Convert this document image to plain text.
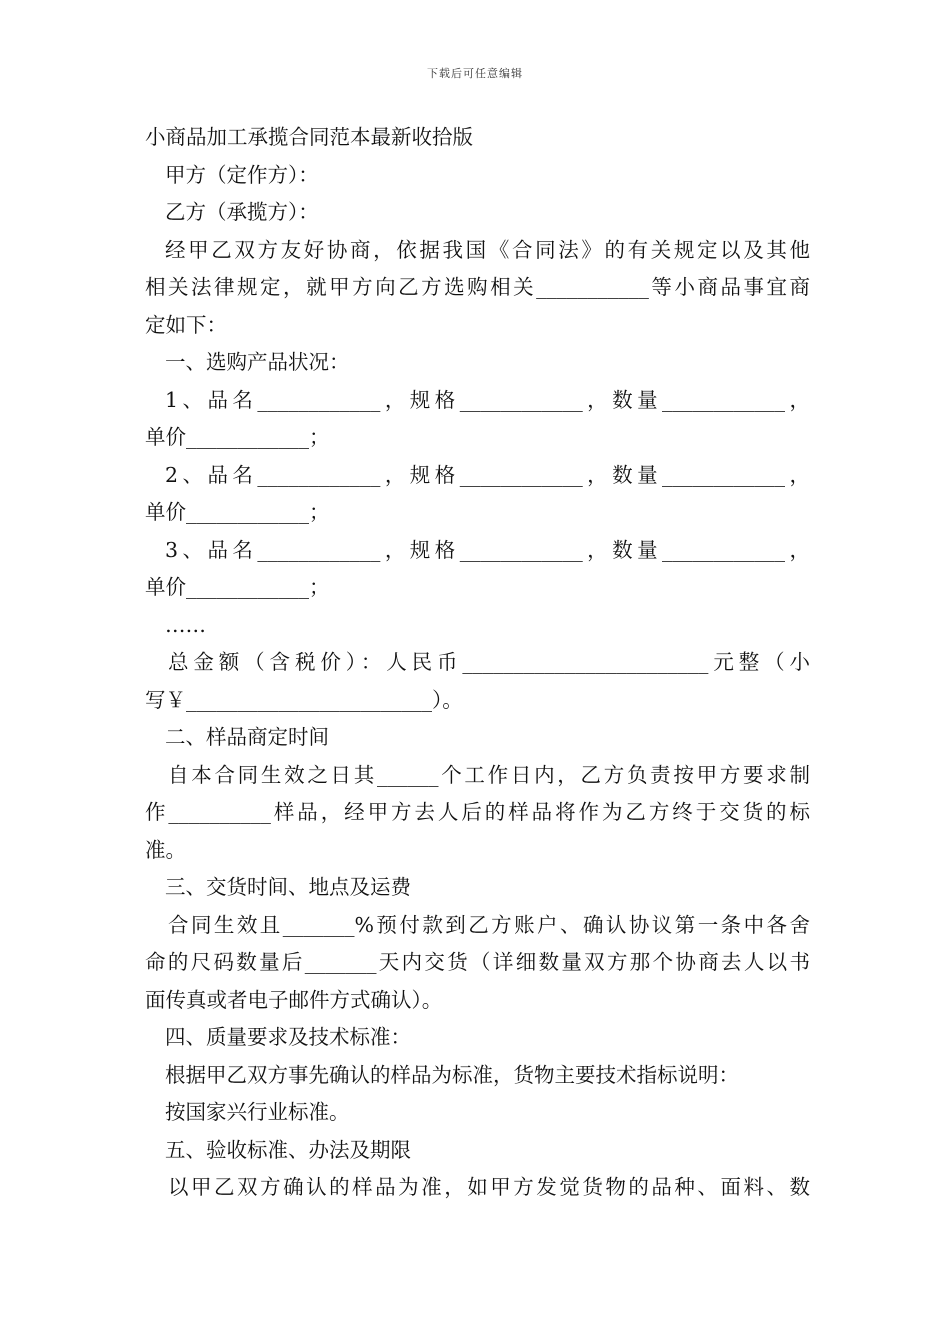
下载后可任意编辑
小商品加工承揽合同范本最新收拾版
甲方（定作方）：
乙方（承揽方）：
经甲乙双方友好协商，依据我国《合同法》的有关规定以及其他
相关法律规定，就甲方向乙方选购相关___________等小商品事宜商
定如下：
一、选购产品状况：
1、品名____________，规格____________，数量____________，
单价____________；
2、品名____________，规格____________，数量____________，
单价____________；
3、品名____________，规格____________，数量____________，
单价____________；
……
总金额（含税价）：人民币________________________元整（小
写￥________________________）。
二、样品商定时间
自本合同生效之日其______个工作日内，乙方负责按甲方要求制
作__________样品，经甲方去人后的样品将作为乙方终于交货的标
准。
三、交货时间、地点及运费
合同生效且_______%预付款到乙方账户、确认协议第一条中各舍
命的尺码数量后_______天内交货（详细数量双方那个协商去人以书
面传真或者电子邮件方式确认）。
四、质量要求及技术标准：
根据甲乙双方事先确认的样品为标准，货物主要技术指标说明：
按国家兴行业标准。
五、验收标准、办法及期限
以甲乙双方确认的样品为准，如甲方发觉货物的品种、面料、数
